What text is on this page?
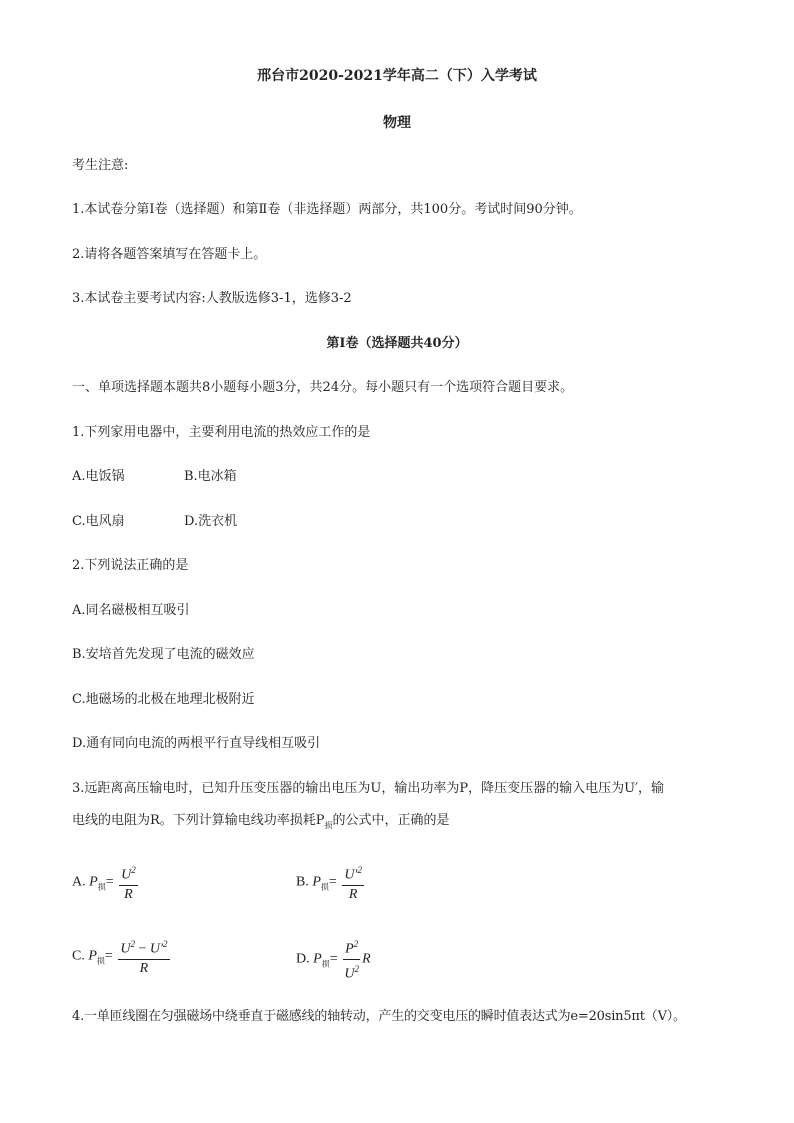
邢台市2020-2021学年高二（下）入学考试
物理
考生注意:
1.本试卷分第Ⅰ卷（选择题）和第Ⅱ卷（非选择题）两部分，共100分。考试时间90分钟。
2.请将各题答案填写在答题卡上。
3.本试卷主要考试内容:人教版选修3-1，选修3-2
第Ⅰ卷（选择题共40分）
一、单项选择题本题共8小题每小题3分，共24分。每小题只有一个选项符合题目要求。
1.下列家用电器中，主要利用电流的热效应工作的是
A.电饭锅	B.电冰箱
C.电风扇	D.洗衣机
2.下列说法正确的是
A.同名磁极相互吸引
B.安培首先发现了电流的磁效应
C.地磁场的北极在地理北极附近
D.通有同向电流的两根平行直导线相互吸引
3.远距离高压输电时，已知升压变压器的输出电压为U，输出功率为P，降压变压器的输入电压为U′，输
电线的电阻为R。下列计算输电线功率损耗$P_损$的公式中，正确的是
A. $P_损= \frac{U^2}{R}$	B. $P_损= \frac{U'^2}{R}$
C. $P_损= \frac{U^2 - U'^2}{R}$	D. $P_损= \frac{P^2}{U^2}$ R
4.一单匝线圈在匀强磁场中绕垂直于磁感线的轴转动，产生的交变电压的瞬时值表达式为e=20sin5πt（V）。
